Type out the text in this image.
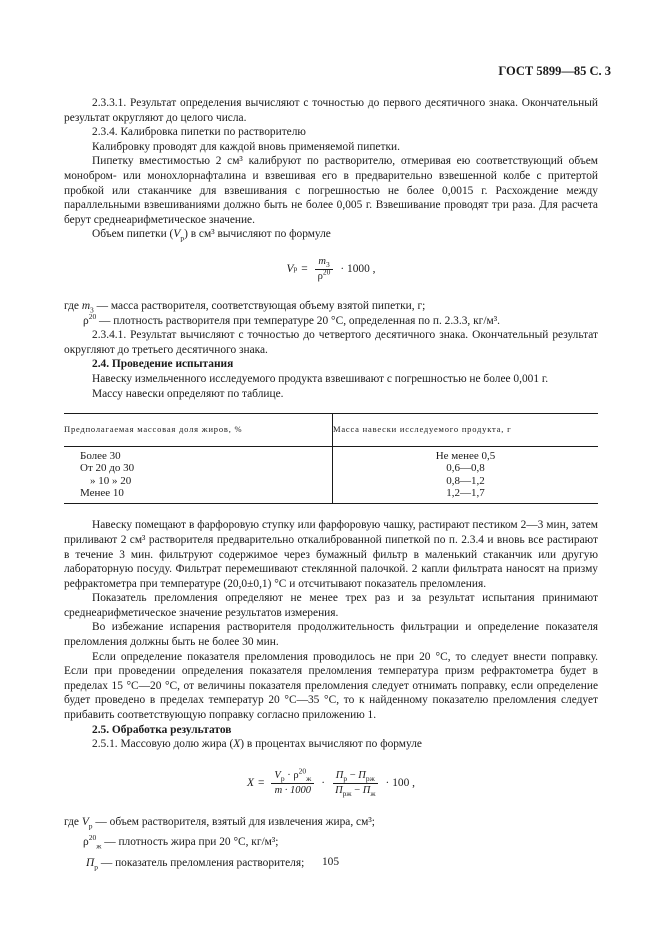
ГОСТ 5899—85 С. 3

2.3.3.1. Результат определения вычисляют с точностью до первого десятичного знака. Окончательный результат округляют до целого числа.

2.3.4. Калибровка пипетки по растворителю

Калибровку проводят для каждой вновь применяемой пипетки.

Пипетку вместимостью 2 см³ калибруют по растворителю, отмеривая ею соответствующий объем монобром- или монохлорнафталина и взвешивая его в предварительно взвешенной колбе с притертой пробкой или стаканчике для взвешивания с погрешностью не более 0,0015 г. Расхождение между параллельными взвешиваниями должно быть не более 0,005 г. Взвешивание проводят три раза. Для расчета берут среднеарифметическое значение.

Объем пипетки $(V_р)$ в см³ вычисляют по формуле

V $р = \frac{m_3}{\rho^{20}} \cdot 1000$ ,

где $m_3$ — масса растворителя, соответствующая объему взятой пипетки, г;

$\rho^{20}$ — плотность растворителя при температуре 20 °С, определенная по п. 2.3.3, кг/м³.

2.3.4.1. Результат вычисляют с точностью до четвертого десятичного знака. Окончательный результат округляют до третьего десятичного знака.

2.4. Проведение испытания

Навеску измельченного исследуемого продукта взвешивают с погрешностью не более 0,001 г.

Массу навески определяют по таблице.

Предполагаемая массовая доля жиров, %	Масса навески исследуемого продукта, г
Более 30	Не менее 0,5
От 20 до 30	0,6—0,8
» 10 » 20	0,8—1,2
Менее 10	1,2—1,7

Навеску помещают в фарфоровую ступку или фарфоровую чашку, растирают пестиком 2—3 мин, затем приливают 2 см³ растворителя предварительно откалиброванной пипеткой по п. 2.3.4 и вновь все растирают в течение 3 мин. фильтруют содержимое через бумажный фильтр в маленький стаканчик или другую лабораторную посуду. Фильтрат перемешивают стеклянной палочкой. 2 капли фильтрата наносят на призму рефрактометра при температуре (20,0±0,1) °С и отсчитывают показатель преломления.

Показатель преломления определяют не менее трех раз и за результат испытания принимают среднеарифметическое значение результатов измерения.

Во избежание испарения растворителя продолжительность фильтрации и определение показателя преломления должны быть не более 30 мин.

Если определение показателя преломления проводилось не при 20 °С, то следует внести поправку. Если при проведении определения показателя преломления температура призм рефрактометра будет в пределах 15 °С—20 °С, от величины показателя преломления следует отнимать поправку, если определение будет проведено в пределах температур 20 °С—35 °С, то к найденному показателю преломления следует прибавить соответствующую поправку согласно приложению 1.

2.5. Обработка результатов

2.5.1. Массовую долю жира (X) в процентах вычисляют по формуле

$X = \frac{V_р \cdot \rho^{20}_ж}{m \cdot 1000} \cdot \frac{П_р - П_{рж}}{П_{рж} - П_ж} \cdot 100$ ,

где $V_р$ — объем растворителя, взятый для извлечения жира, см³;

$\rho^{20}_ж$ — плотность жира при 20 °С, кг/м³;

$П_р$ — показатель преломления растворителя;	105
